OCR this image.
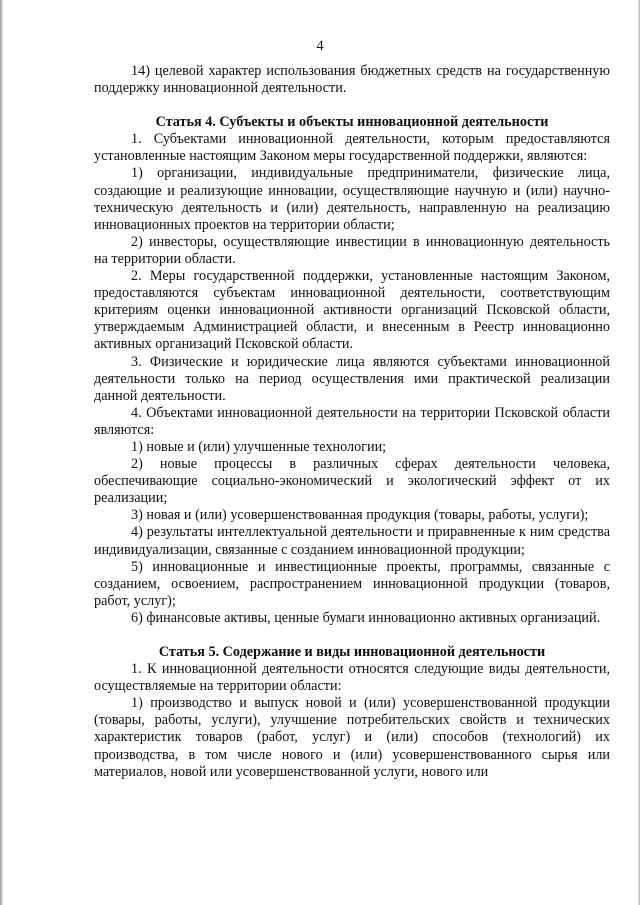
4

14) целевой характер использования бюджетных средств на государственную поддержку инновационной деятельности.

Статья 4. Субъекты и объекты инновационной деятельности

1. Субъектами инновационной деятельности, которым предоставляются установленные настоящим Законом меры государственной поддержки, являются:

1) организации, индивидуальные предприниматели, физические лица, создающие и реализующие инновации, осуществляющие научную и (или) научно-техническую деятельность и (или) деятельность, направленную на реализацию инновационных проектов на территории области;

2) инвесторы, осуществляющие инвестиции в инновационную деятельность на территории области.

2. Меры государственной поддержки, установленные настоящим Законом, предоставляются субъектам инновационной деятельности, соответствующим критериям оценки инновационной активности организаций Псковской области, утверждаемым Администрацией области, и внесенным в Реестр инновационно активных организаций Псковской области.

3. Физические и юридические лица являются субъектами инновационной деятельности только на период осуществления ими практической реализации данной деятельности.

4. Объектами инновационной деятельности на территории Псковской области являются:

1) новые и (или) улучшенные технологии;

2) новые процессы в различных сферах деятельности человека, обеспечивающие социально-экономический и экологический эффект от их реализации;

3) новая и (или) усовершенствованная продукция (товары, работы, услуги);

4) результаты интеллектуальной деятельности и приравненные к ним средства индивидуализации, связанные с созданием инновационной продукции;

5) инновационные и инвестиционные проекты, программы, связанные с созданием, освоением, распространением инновационной продукции (товаров, работ, услуг);

6) финансовые активы, ценные бумаги инновационно активных организаций.

Статья 5. Содержание и виды инновационной деятельности

1. К инновационной деятельности относятся следующие виды деятельности, осуществляемые на территории области:

1) производство и выпуск новой и (или) усовершенствованной продукции (товары, работы, услуги), улучшение потребительских свойств и технических характеристик товаров (работ, услуг) и (или) способов (технологий) их производства, в том числе нового и (или) усовершенствованного сырья или материалов, новой или усовершенствованной услуги, нового или
